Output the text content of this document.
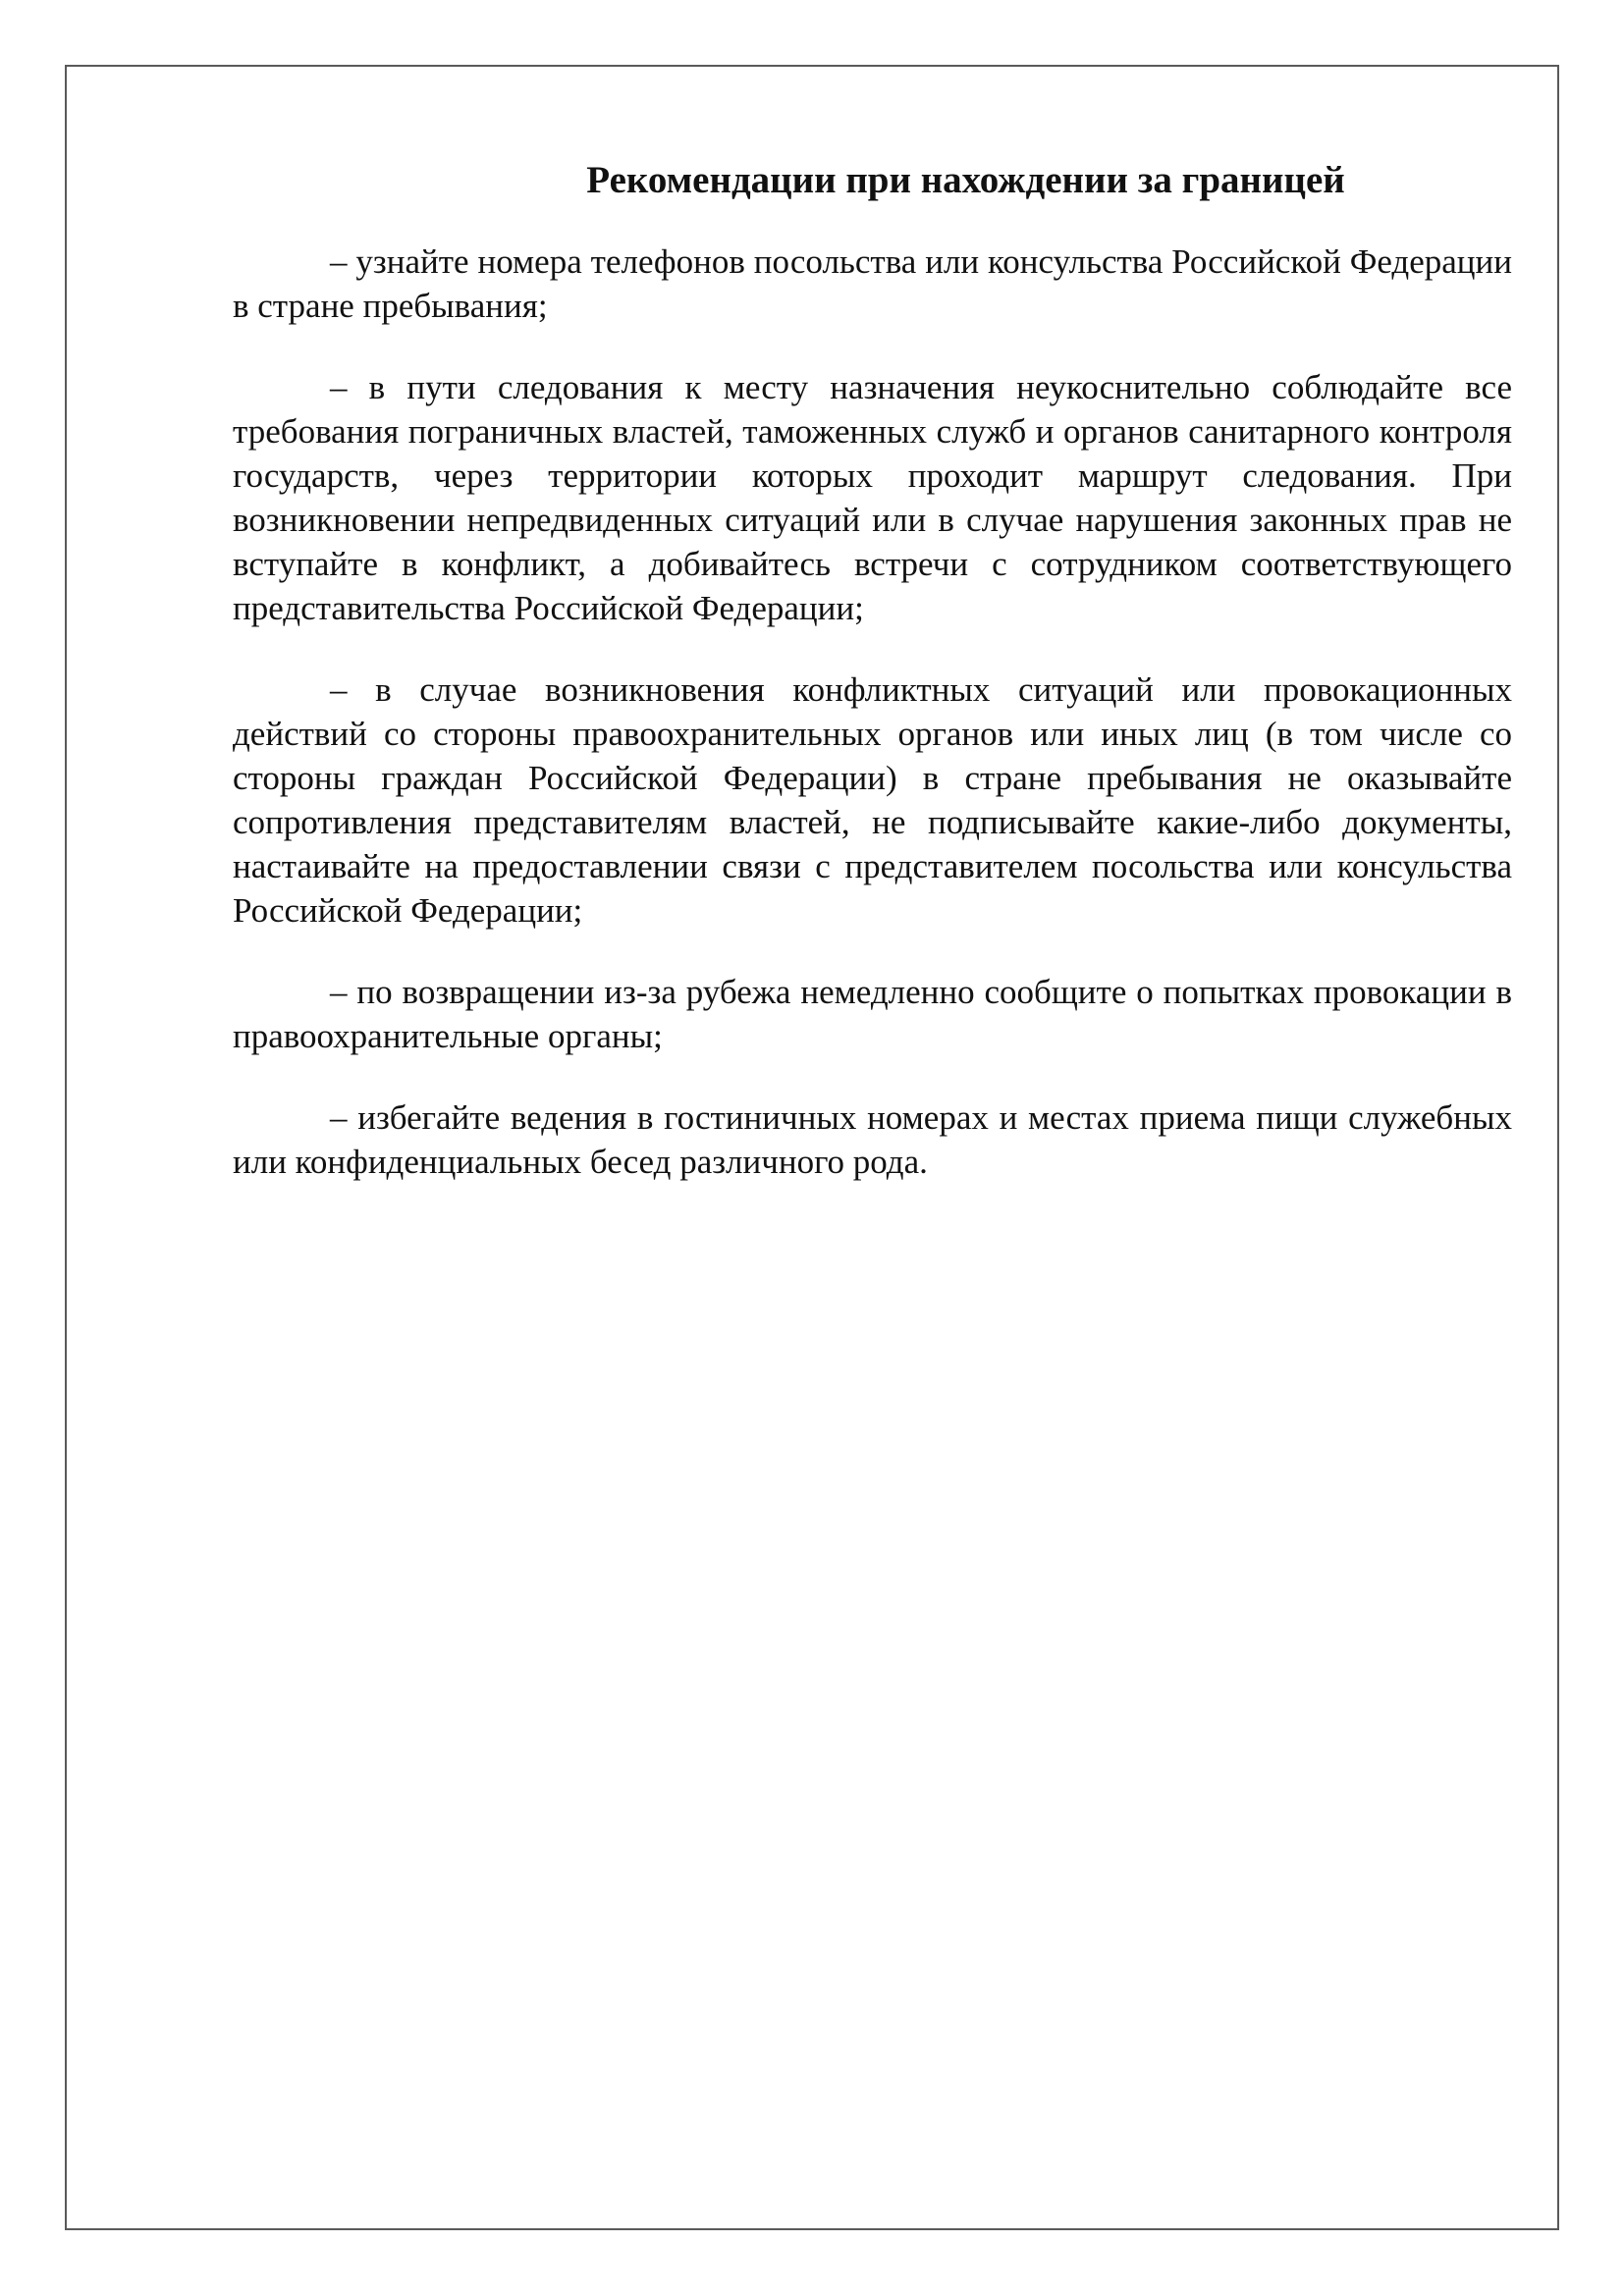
Рекомендации при нахождении за границей

– узнайте номера телефонов посольства или консульства Российской Федерации в стране пребывания;

– в пути следования к месту назначения неукоснительно соблюдайте все требования пограничных властей, таможенных служб и органов санитарного контроля государств, через территории которых проходит маршрут следования. При возникновении непредвиденных ситуаций или в случае нарушения законных прав не вступайте в конфликт, а добивайтесь встречи с сотрудником соответствующего представительства Российской Федерации;

– в случае возникновения конфликтных ситуаций или провокационных действий со стороны правоохранительных органов или иных лиц (в том числе со стороны граждан Российской Федерации) в стране пребывания не оказывайте сопротивления представителям властей, не подписывайте какие-либо документы, настаивайте на предоставлении связи с представителем посольства или консульства Российской Федерации;

– по возвращении из-за рубежа немедленно сообщите о попытках провокации в правоохранительные органы;

– избегайте ведения в гостиничных номерах и местах приема пищи служебных или конфиденциальных бесед различного рода.
